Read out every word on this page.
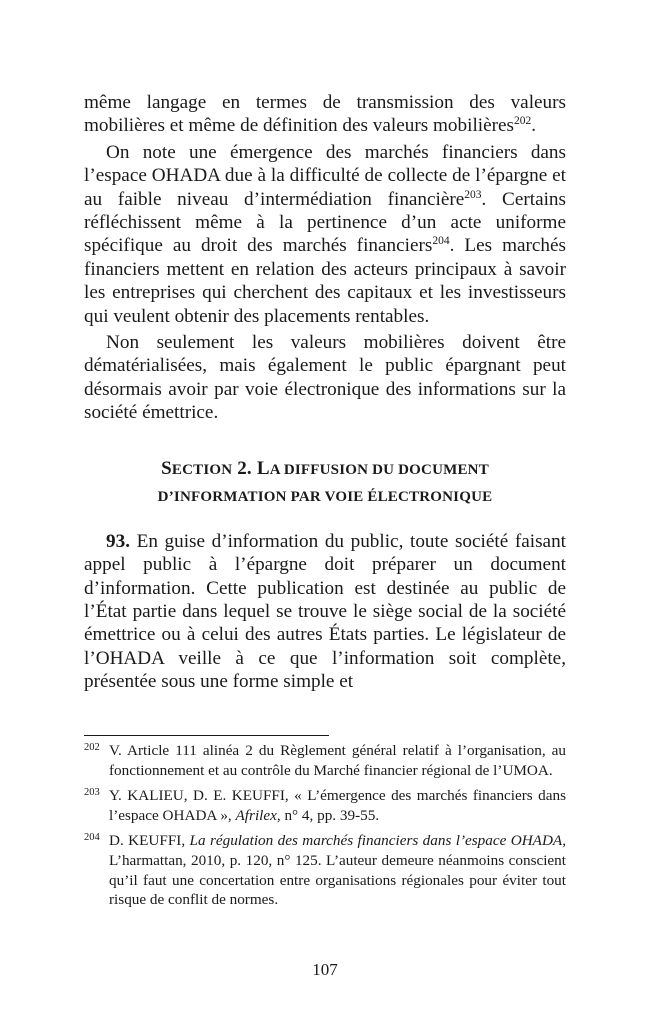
même langage en termes de transmission des valeurs mobilières et même de définition des valeurs mobilières$^{202}$.

On note une émergence des marchés financiers dans l’espace OHADA due à la difficulté de collecte de l’épargne et au faible niveau d’intermédiation financière$^{203}$. Certains réfléchissent même à la pertinence d’un acte uniforme spécifique au droit des marchés financiers$^{204}$. Les marchés financiers mettent en relation des acteurs principaux à savoir les entreprises qui cherchent des capitaux et les investisseurs qui veulent obtenir des placements rentables.

Non seulement les valeurs mobilières doivent être dématérialisées, mais également le public épargnant peut désormais avoir par voie électronique des informations sur la société émettrice.

SECTION 2. LA DIFFUSION DU DOCUMENT
D’INFORMATION PAR VOIE ÉLECTRONIQUE

93. En guise d’information du public, toute société faisant appel public à l’épargne doit préparer un document d’information. Cette publication est destinée au public de l’État partie dans lequel se trouve le siège social de la société émettrice ou à celui des autres États parties. Le législateur de l’OHADA veille à ce que l’information soit complète, présentée sous une forme simple et

202 V. Article 111 alinéa 2 du Règlement général relatif à l’organisation, au fonctionnement et au contrôle du Marché financier régional de l’UMOA.
203 Y. KALIEU, D. E. KEUFFI, « L’émergence des marchés financiers dans l’espace OHADA », Afrilex, n° 4, pp. 39-55.
204 D. KEUFFI, La régulation des marchés financiers dans l’espace OHADA, L’harmattan, 2010, p. 120, n° 125. L’auteur demeure néanmoins conscient qu’il faut une concertation entre organisations régionales pour éviter tout risque de conflit de normes.
107
